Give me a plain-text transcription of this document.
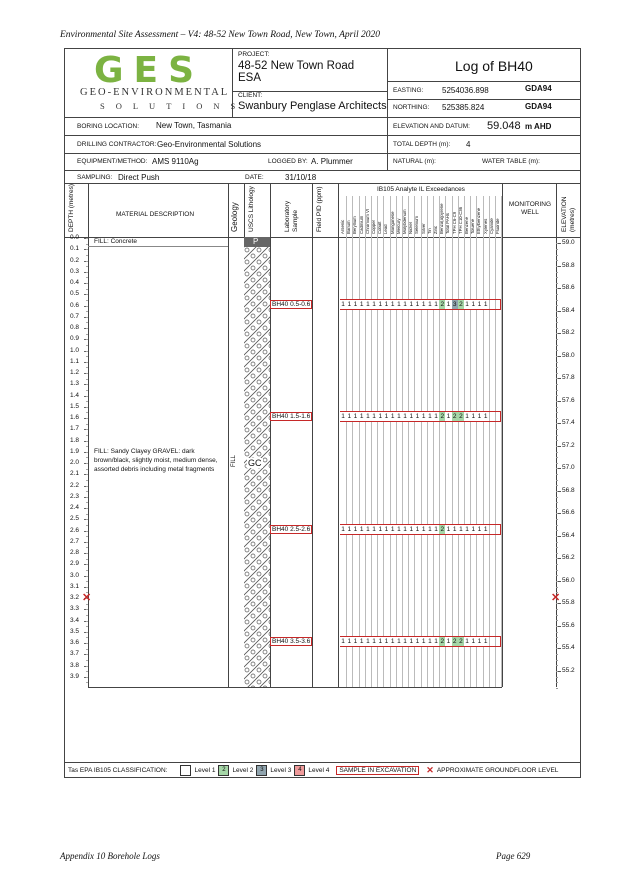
Environmental Site Assessment – V4: 48-52 New Town Road, New Town, April 2020
Appendix 10 Borehole Logs	Page 629
GES
GEO-ENVIRONMENTAL
SOLUTIONS
PROJECT:
48-52 New Town Road ESA
CLIENT:
Swanbury Penglase Architects
Log of BH40
EASTING: 5254036.898	GDA94
NORTHING: 525385.824	GDA94
BORING LOCATION: New Town, Tasmania	ELEVATION AND DATUM: 59.048 m AHD
DRILLING CONTRACTOR: Geo-Environmental Solutions	TOTAL DEPTH (m): 4
EQUIPMENT/METHOD: AMS 9110Ag	LOGGED BY: A. Plummer	NATURAL (m):	WATER TABLE (m):
SAMPLING: Direct Push	DATE:	31/10/18
DEPTH (metres)	MATERIAL DESCRIPTION	Geology USCS Lithology	Laboratory Sample	Field PID (ppm)	IB105 Analyte IL Exceedances
MONITORING WELL	ELEVATION (metres)
Arsenic Barium Beryllium Cadmium Chromium VI Copper Cobalt Lead Manganese Mercury Molybdenum Nickel Selenium Silver Tin Zinc Benzo(a)pyrene Total PAHs TPH C6-C9 TPH C10-C36 Benzene Toluene Ethylbenzene Xylenes Cyanide Fluoride
P
GC
FILL
FILL: Concrete
FILL: Sandy Clayey GRAVEL: dark brown/black, slightly moist, medium dense, assorted debris including metal fragments
0.0
0.1
0.2
0.3
0.4
0.5
0.6
0.7
0.8
0.9
1.0
1.1
1.2
1.3
1.4
1.5
1.6
1.7
1.8
1.9
2.0
2.1
2.2
2.3
2.4
2.5
2.6
2.7
2.8
2.9
3.0
3.1
3.2
3.3
3.4
3.5
3.6
3.7
3.8
3.9
59.0
58.8
58.6
58.4
58.2
58.0
57.8
57.6
57.4
57.2
57.0
56.8
56.6
56.4
56.2
56.0
55.8
55.6
55.4
55.2
BH40 0.5-0.6	1 1 1 1 1 1 1 1 1 1 1 1 1 1 1 1 2 1 3 2 1 1 1 1
BH40 1.5-1.6	1 1 1 1 1 1 1 1 1 1 1 1 1 1 1 1 2 1 2 2 1 1 1 1
BH40 2.5-2.6	1 1 1 1 1 1 1 1 1 1 1 1 1 1 1 1 2 1 1 1 1 1 1 1
BH40 3.5-3.6	1 1 1 1 1 1 1 1 1 1 1 1 1 1 1 1 2 1 2 2 1 1 1 1
✕	✕
Tas EPA IB105 CLASSIFICATION:	Level 1	2	Level 2	3	Level 3	4	Level 4	SAMPLE IN EXCAVATION	✕ APPROXIMATE GROUNDFLOOR LEVEL
